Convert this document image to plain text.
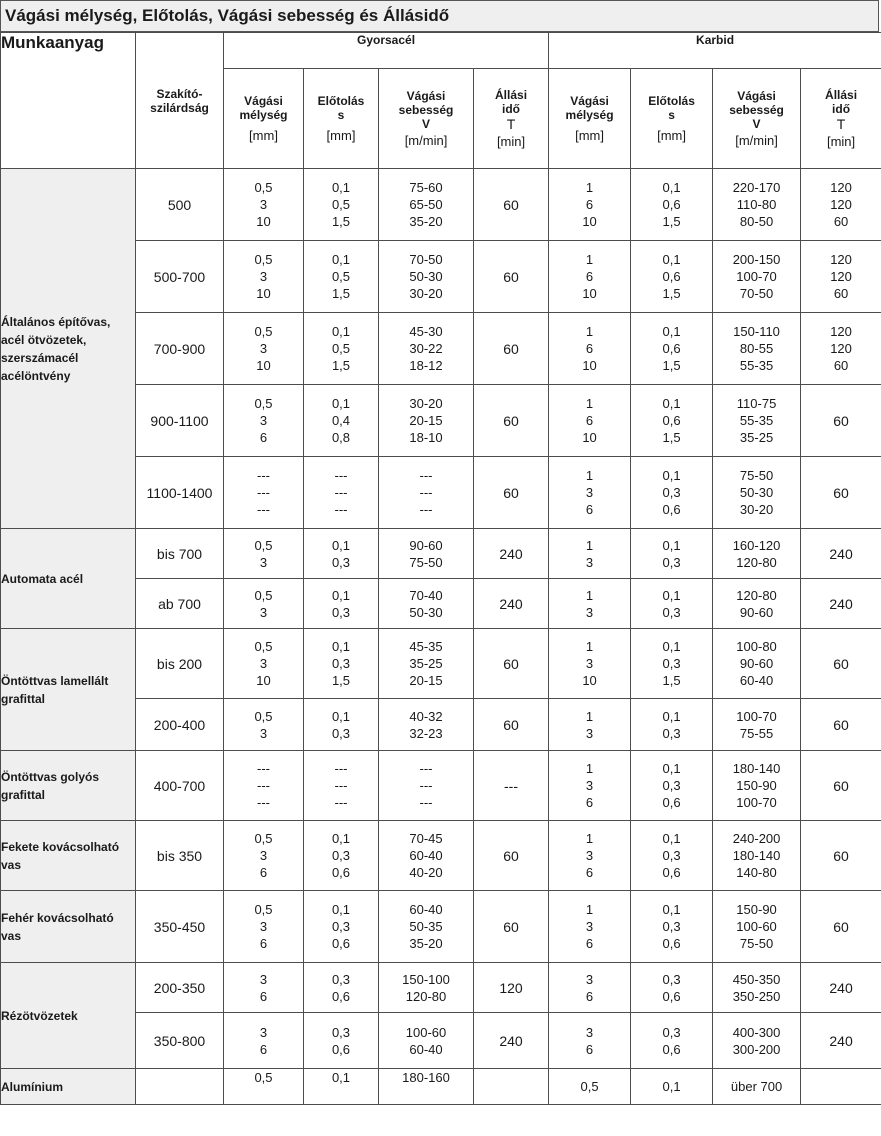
Vágási mélység, Előtolás, Vágási sebesség és Állásidő
Munkaanyag	Szakító-
szilárdság	Gyorsacél				Karbid			

		Vágási
mélység
[mm]	Előtolás
s
[mm]	Vágási
sebesség
V
[m/min]	Állási
idő
T
[min]	Vágási
mélység
[mm]	Előtolás
s
[mm]	Vágási
sebesség
V
[m/min]	Állási
idő
T
[min]

Általános építővas, acél ötvözetek, szerszámacél acélöntvény	500	0,5
3
10	0,1
0,5
1,5	75-60
65-50
35-20	60	1
6
10	0,1
0,6
1,5	220-170
110-80
80-50	120
120
60

	500-700	0,5
3
10	0,1
0,5
1,5	70-50
50-30
30-20	60	1
6
10	0,1
0,6
1,5	200-150
100-70
70-50	120
120
60

	700-900	0,5
3
10	0,1
0,5
1,5	45-30
30-22
18-12	60	1
6
10	0,1
0,6
1,5	150-110
80-55
55-35	120
120
60

	900-1100	0,5
3
6	0,1
0,4
0,8	30-20
20-15
18-10	60	1
6
10	0,1
0,6
1,5	110-75
55-35
35-25	60
	1100-1400	---
---
---	---
---
---	---
---
---	60	1
3
6	0,1
0,3
0,6	75-50
50-30
30-20	60
Automata acél	bis 700	0,5
3	0,1
0,3	90-60
75-50	240	1
3	0,1
0,3	160-120
120-80	240
	ab 700	0,5
3	0,1
0,3	70-40
50-30	240	1
3	0,1
0,3	120-80
90-60	240
Öntöttvas lamellált grafittal	bis 200	0,5
3
10	0,1
0,3
1,5	45-35
35-25
20-15	60	1
3
10	0,1
0,3
1,5	100-80
90-60
60-40	60
	200-400	0,5
3	0,1
0,3	40-32
32-23	60	1
3	0,1
0,3	100-70
75-55	60
Öntöttvas golyós grafittal	400-700	---
---
---	---
---
---	---
---
---	---	1
3
6	0,1
0,3
0,6	180-140
150-90
100-70	60
Fekete kovácsolható vas	bis 350	0,5
3
6	0,1
0,3
0,6	70-45
60-40
40-20	60	1
3
6	0,1
0,3
0,6	240-200
180-140
140-80	60
Fehér kovácsolható vas	350-450	0,5
3
6	0,1
0,3
0,6	60-40
50-35
35-20	60	1
3
6	0,1
0,3
0,6	150-90
100-60
75-50	60
Rézötvözetek	200-350	3
6	0,3
0,6	150-100
120-80	120	3
6	0,3
0,6	450-350
350-250	240
	350-800	3
6	0,3
0,6	100-60
60-40	240	3
6	0,3
0,6	400-300
300-200	240
Alumínium		0,5	0,1	180-160		0,5	0,1	über 700	
